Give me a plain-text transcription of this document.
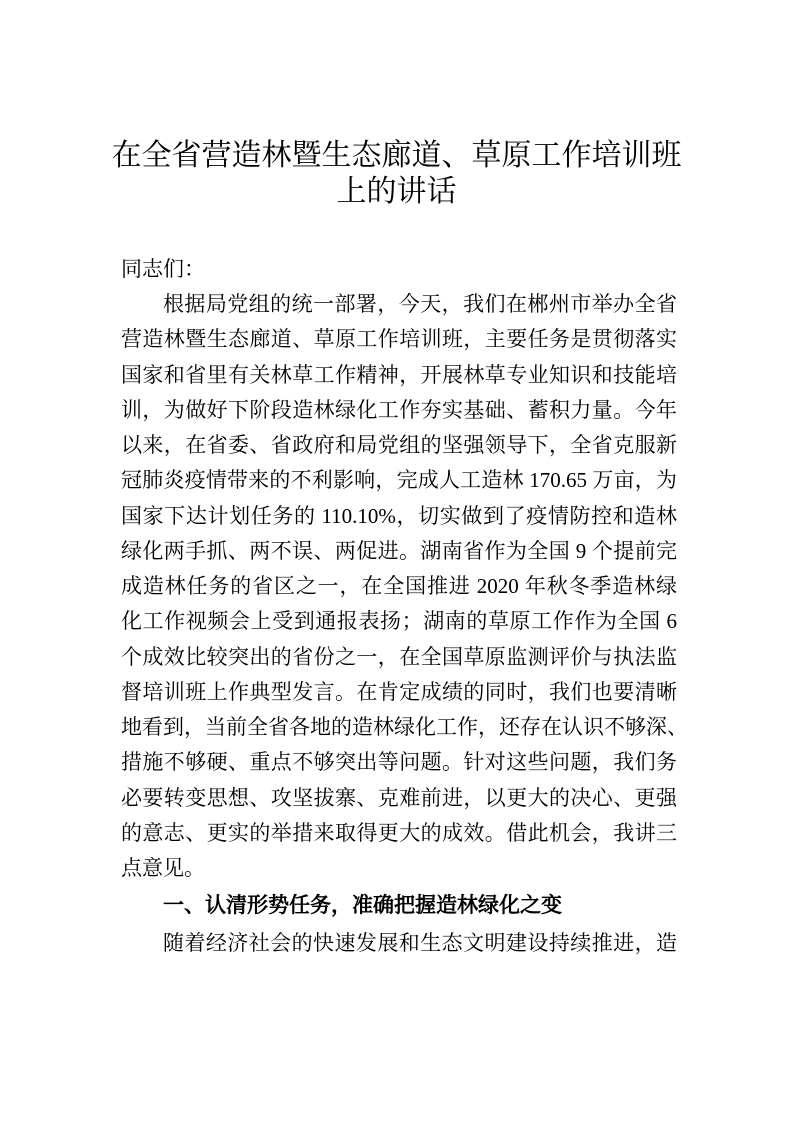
在全省营造林暨生态廊道、草原工作培训班
上的讲话
同志们：
根据局党组的统一部署，今天，我们在郴州市举办全省
营造林暨生态廊道、草原工作培训班，主要任务是贯彻落实
国家和省里有关林草工作精神，开展林草专业知识和技能培
训，为做好下阶段造林绿化工作夯实基础、蓄积力量。今年
以来，在省委、省政府和局党组的坚强领导下，全省克服新
冠肺炎疫情带来的不利影响，完成人工造林 170.65 万亩，为
国家下达计划任务的 110.10%，切实做到了疫情防控和造林
绿化两手抓、两不误、两促进。湖南省作为全国 9 个提前完
成造林任务的省区之一，在全国推进 2020 年秋冬季造林绿
化工作视频会上受到通报表扬；湖南的草原工作作为全国 6
个成效比较突出的省份之一，在全国草原监测评价与执法监
督培训班上作典型发言。在肯定成绩的同时，我们也要清晰
地看到，当前全省各地的造林绿化工作，还存在认识不够深、
措施不够硬、重点不够突出等问题。针对这些问题，我们务
必要转变思想、攻坚拔寨、克难前进，以更大的决心、更强
的意志、更实的举措来取得更大的成效。借此机会，我讲三
点意见。
一、认清形势任务，准确把握造林绿化之变
随着经济社会的快速发展和生态文明建设持续推进，造
